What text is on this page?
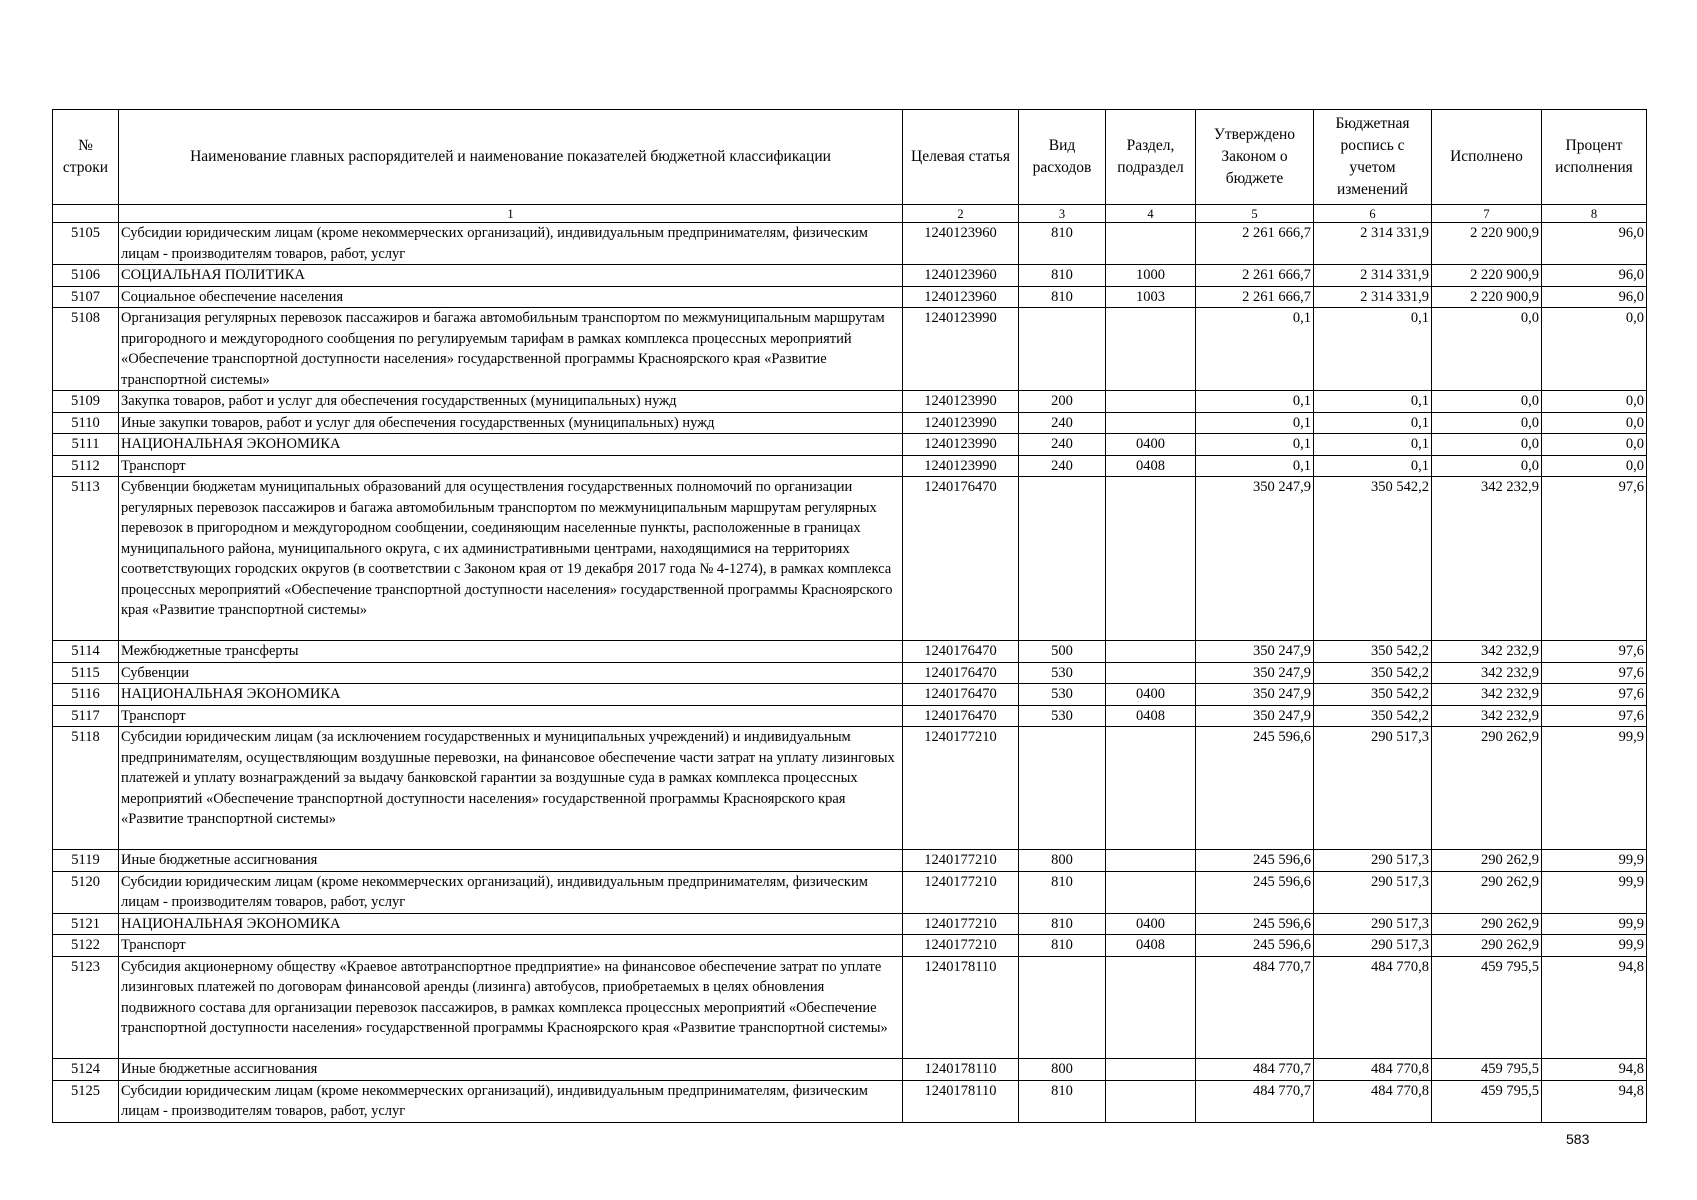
№ строки	Наименование главных распорядителей и наименование показателей бюджетной классификации	Целевая статья	Вид расходов	Раздел, подраздел	Утверждено Законом о бюджете	Бюджетная роспись с учетом изменений	Исполнено	Процент исполнения
	1	2	3	4	5	6	7	8
5105	Субсидии юридическим лицам (кроме некоммерческих организаций), индивидуальным предпринимателям, физическим лицам - производителям товаров, работ, услуг	1240123960	810		2 261 666,7	2 314 331,9	2 220 900,9	96,0
5106	СОЦИАЛЬНАЯ ПОЛИТИКА	1240123960	810	1000	2 261 666,7	2 314 331,9	2 220 900,9	96,0
5107	Социальное обеспечение населения	1240123960	810	1003	2 261 666,7	2 314 331,9	2 220 900,9	96,0
5108	Организация регулярных перевозок пассажиров и багажа автомобильным транспортом по межмуниципальным маршрутам пригородного и междугородного сообщения по регулируемым тарифам в рамках комплекса процессных мероприятий «Обеспечение транспортной доступности населения» государственной программы Красноярского края «Развитие транспортной системы»	1240123990			0,1	0,1	0,0	0,0
5109	Закупка товаров, работ и услуг для обеспечения государственных (муниципальных) нужд	1240123990	200		0,1	0,1	0,0	0,0
5110	Иные закупки товаров, работ и услуг для обеспечения государственных (муниципальных) нужд	1240123990	240		0,1	0,1	0,0	0,0
5111	НАЦИОНАЛЬНАЯ ЭКОНОМИКА	1240123990	240	0400	0,1	0,1	0,0	0,0
5112	Транспорт	1240123990	240	0408	0,1	0,1	0,0	0,0
5113	Субвенции бюджетам муниципальных образований для осуществления государственных полномочий по организации регулярных перевозок пассажиров и багажа автомобильным транспортом по межмуниципальным маршрутам регулярных перевозок в пригородном и междугородном сообщении, соединяющим населенные пункты, расположенные в границах муниципального района, муниципального округа, с их административными центрами, находящимися на территориях соответствующих городских округов (в соответствии с Законом края от 19 декабря 2017 года № 4-1274), в рамках комплекса процессных мероприятий «Обеспечение транспортной доступности населения» государственной программы Красноярского края «Развитие транспортной системы»	1240176470			350 247,9	350 542,2	342 232,9	97,6
5114	Межбюджетные трансферты	1240176470	500		350 247,9	350 542,2	342 232,9	97,6
5115	Субвенции	1240176470	530		350 247,9	350 542,2	342 232,9	97,6
5116	НАЦИОНАЛЬНАЯ ЭКОНОМИКА	1240176470	530	0400	350 247,9	350 542,2	342 232,9	97,6
5117	Транспорт	1240176470	530	0408	350 247,9	350 542,2	342 232,9	97,6
5118	Субсидии юридическим лицам (за исключением государственных и муниципальных учреждений) и индивидуальным предпринимателям, осуществляющим воздушные перевозки, на финансовое обеспечение части затрат на уплату лизинговых платежей и уплату вознаграждений за выдачу банковской гарантии за воздушные суда в рамках комплекса процессных мероприятий «Обеспечение транспортной доступности населения» государственной программы Красноярского края «Развитие транспортной системы»	1240177210			245 596,6	290 517,3	290 262,9	99,9
5119	Иные бюджетные ассигнования	1240177210	800		245 596,6	290 517,3	290 262,9	99,9
5120	Субсидии юридическим лицам (кроме некоммерческих организаций), индивидуальным предпринимателям, физическим лицам - производителям товаров, работ, услуг	1240177210	810		245 596,6	290 517,3	290 262,9	99,9
5121	НАЦИОНАЛЬНАЯ ЭКОНОМИКА	1240177210	810	0400	245 596,6	290 517,3	290 262,9	99,9
5122	Транспорт	1240177210	810	0408	245 596,6	290 517,3	290 262,9	99,9
5123	Субсидия акционерному обществу «Краевое автотранспортное предприятие» на финансовое обеспечение затрат по уплате лизинговых платежей по договорам финансовой аренды (лизинга) автобусов, приобретаемых в целях обновления подвижного состава для организации перевозок пассажиров, в рамках комплекса процессных мероприятий «Обеспечение транспортной доступности населения» государственной программы Красноярского края «Развитие транспортной системы»	1240178110			484 770,7	484 770,8	459 795,5	94,8
5124	Иные бюджетные ассигнования	1240178110	800		484 770,7	484 770,8	459 795,5	94,8
5125	Субсидии юридическим лицам (кроме некоммерческих организаций), индивидуальным предпринимателям, физическим лицам - производителям товаров, работ, услуг	1240178110	810		484 770,7	484 770,8	459 795,5	94,8
583
